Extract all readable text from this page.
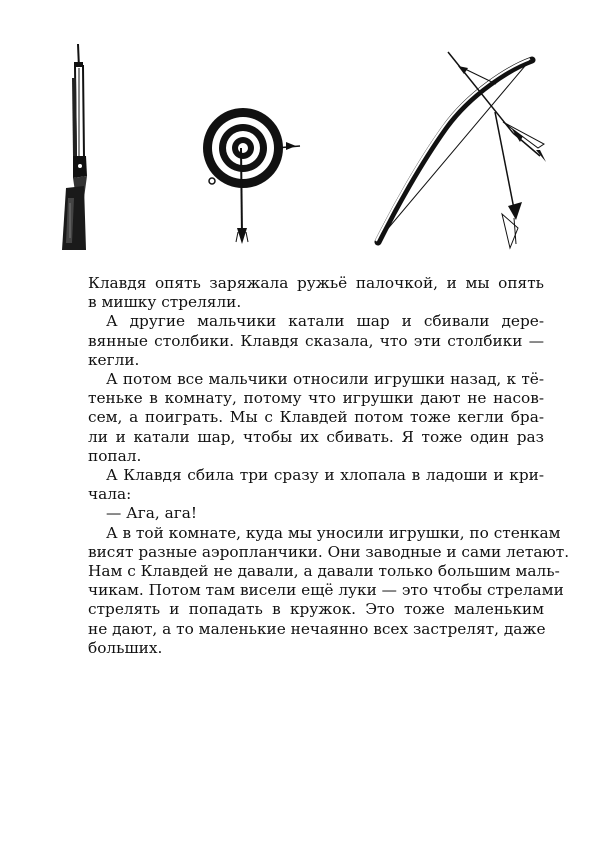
Клавдя опять заряжала ружьё палочкой, и мы опять
в мишку стреляли.

А другие мальчики катали шар и сбивали дере-
вянные столбики. Клавдя сказала, что эти столбики —
кегли.

А потом все мальчики относили игрушки назад, к тё-
теньке в комнату, потому что игрушки дают не насов-
сем, а поиграть. Мы с Клавдей потом тоже кегли бра-
ли и катали шар, чтобы их сбивать. Я тоже один раз
попал.

А Клавдя сбила три сразу и хлопала в ладоши и кри-
чала:

— Ага, ага!

А в той комнате, куда мы уносили игрушки, по стенкам
висят разные аэропланчики. Они заводные и сами летают.
Нам с Клавдей не давали, а давали только большим маль-
чикам. Потом там висели ещё луки — это чтобы стрелами
стрелять и попадать в кружок. Это тоже маленьким
не дают, а то маленькие нечаянно всех застрелят, даже
больших.
